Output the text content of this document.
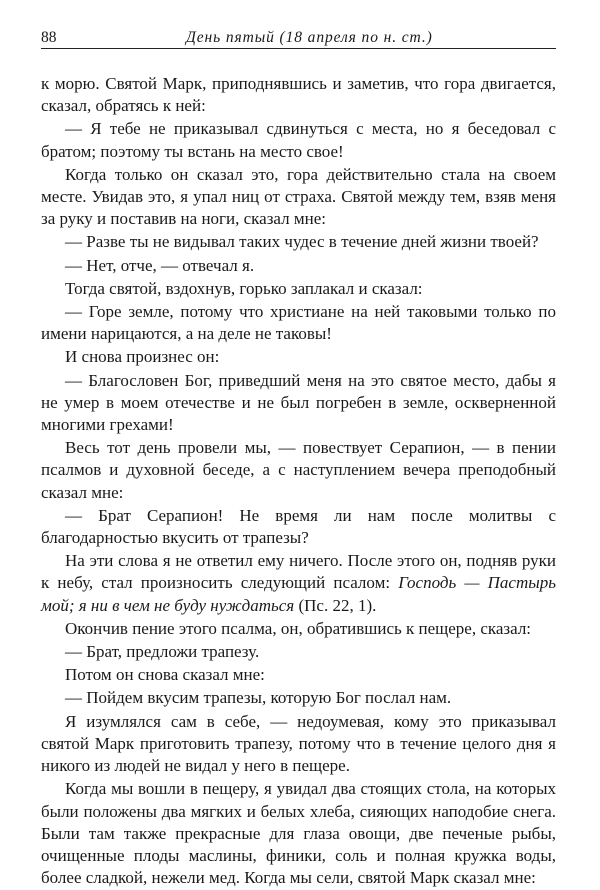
88	День пятый (18 апреля по н. ст.)

к морю. Святой Марк, приподнявшись и заметив, что гора двигается, сказал, обратясь к ней:

— Я тебе не приказывал сдвинуться с места, но я беседовал с братом; поэтому ты встань на место свое!

Когда только он сказал это, гора действительно стала на своем месте. Увидав это, я упал ниц от страха. Святой между тем, взяв меня за руку и поставив на ноги, сказал мне:

— Разве ты не видывал таких чудес в течение дней жизни твоей?

— Нет, отче, — отвечал я.

Тогда святой, вздохнув, горько заплакал и сказал:

— Горе земле, потому что христиане на ней таковыми только по имени нарицаются, а на деле не таковы!

И снова произнес он:

— Благословен Бог, приведший меня на это святое место, дабы я не умер в моем отечестве и не был погребен в земле, оскверненной многими грехами!

Весь тот день провели мы, — повествует Серапион, — в пении псалмов и духовной беседе, а с наступлением вечера преподобный сказал мне:

— Брат Серапион! Не время ли нам после молитвы с благодарностью вкусить от трапезы?

На эти слова я не ответил ему ничего. После этого он, подняв руки к небу, стал произносить следующий псалом: Господь — Пастырь мой; я ни в чем не буду нуждаться (Пс. 22, 1).

Окончив пение этого псалма, он, обратившись к пещере, сказал:

— Брат, предложи трапезу.

Потом он снова сказал мне:

— Пойдем вкусим трапезы, которую Бог послал нам.

Я изумлялся сам в себе, — недоумевая, кому это приказывал святой Марк приготовить трапезу, потому что в течение целого дня я никого из людей не видал у него в пещере.

Когда мы вошли в пещеру, я увидал два стоящих стола, на которых были положены два мягких и белых хлеба, сияющих наподобие снега. Были там также прекрасные для глаза овощи, две печеные рыбы, очищенные плоды маслины, финики, соль и полная кружка воды, более сладкой, нежели мед. Когда мы сели, святой Марк сказал мне:
